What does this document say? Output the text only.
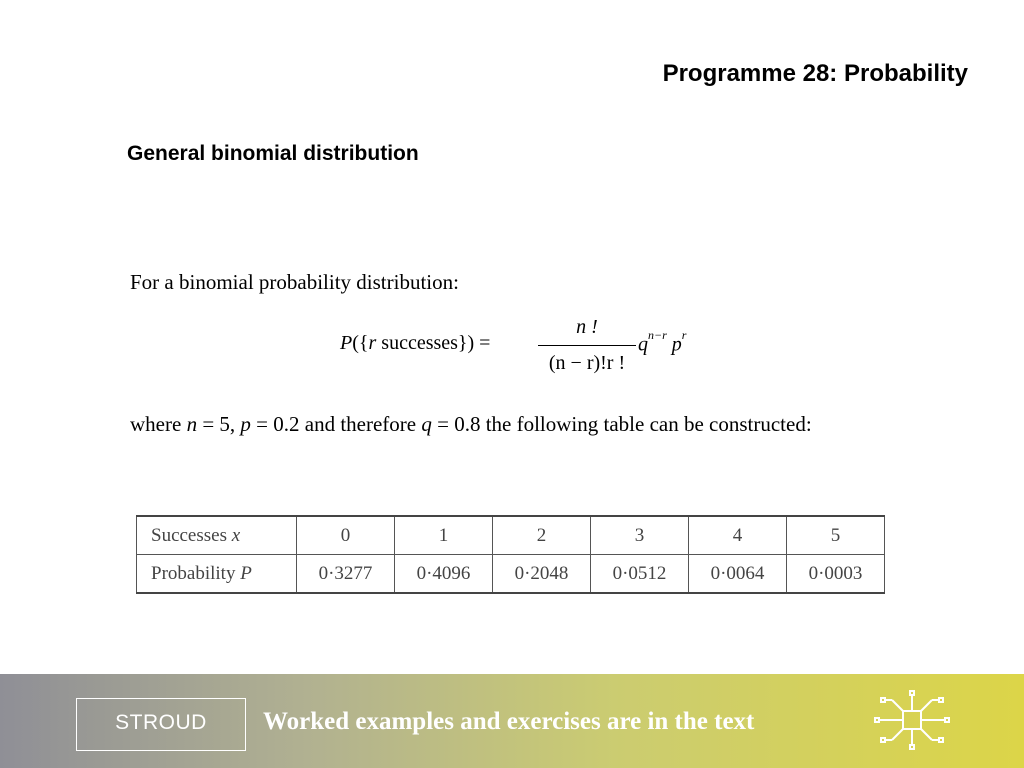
Programme 28: Probability
General binomial distribution
For a binomial probability distribution:
P({r successes}) =
n !
(n − r)!r !
$q^{n-r}$ $p^r$
where n = 5, p = 0.2 and therefore q = 0.8 the following table can be constructed:
Successes x	0	1	2	3	4	5
Probability P	0·3277	0·4096	0·2048	0·0512	0·0064	0·0003
STROUD	Worked examples and exercises are in the text
